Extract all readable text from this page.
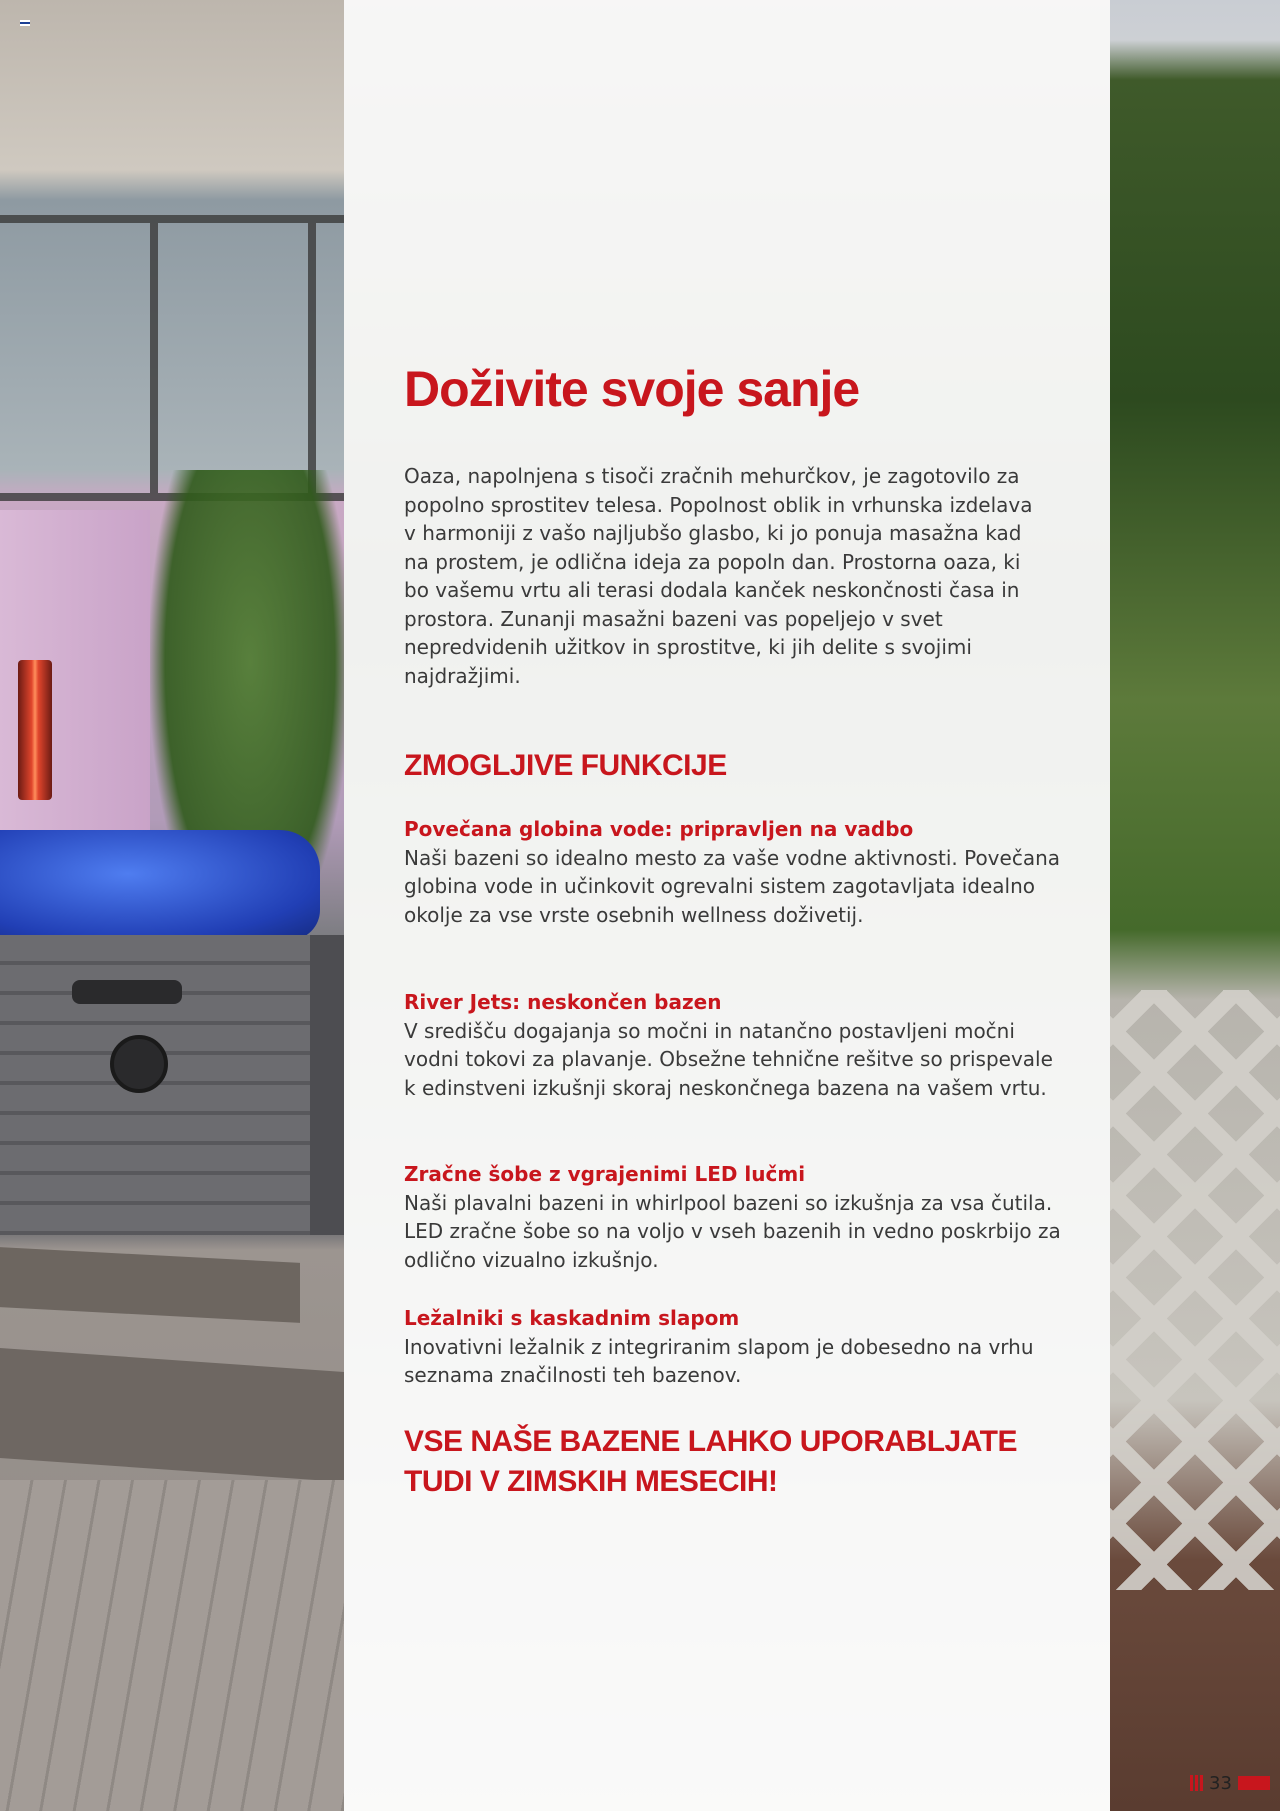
Doživite svoje sanje

Oaza, napolnjena s tisoči zračnih mehurčkov, je zagotovilo za popolno sprostitev telesa. Popolnost oblik in vrhunska izdelava v harmoniji z vašo najljubšo glasbo, ki jo ponuja masažna kad na prostem, je odlična ideja za popoln dan. Prostorna oaza, ki bo vašemu vrtu ali terasi dodala kanček neskončnosti časa in prostora. Zunanji masažni bazeni vas popeljejo v svet nepredvidenih užitkov in sprostitve, ki jih delite s svojimi najdražjimi.

ZMOGLJIVE FUNKCIJE

Povečana globina vode: pripravljen na vadbo

Naši bazeni so idealno mesto za vaše vodne aktivnosti. Povečana globina vode in učinkovit ogrevalni sistem zagotavljata idealno okolje za vse vrste osebnih wellness doživetij.

River Jets: neskončen bazen

V središču dogajanja so močni in natančno postavljeni močni vodni tokovi za plavanje. Obsežne tehnične rešitve so prispevale k edinstveni izkušnji skoraj neskončnega bazena na vašem vrtu.

Zračne šobe z vgrajenimi LED lučmi

Naši plavalni bazeni in whirlpool bazeni so izkušnja za vsa čutila. LED zračne šobe so na voljo v vseh bazenih in vedno poskrbijo za odlično vizualno izkušnjo.

Ležalniki s kaskadnim slapom

Inovativni ležalnik z integriranim slapom je dobesedno na vrhu seznama značilnosti teh bazenov.

VSE NAŠE BAZENE LAHKO UPORABLJATE TUDI V ZIMSKIH MESECIH!

33
